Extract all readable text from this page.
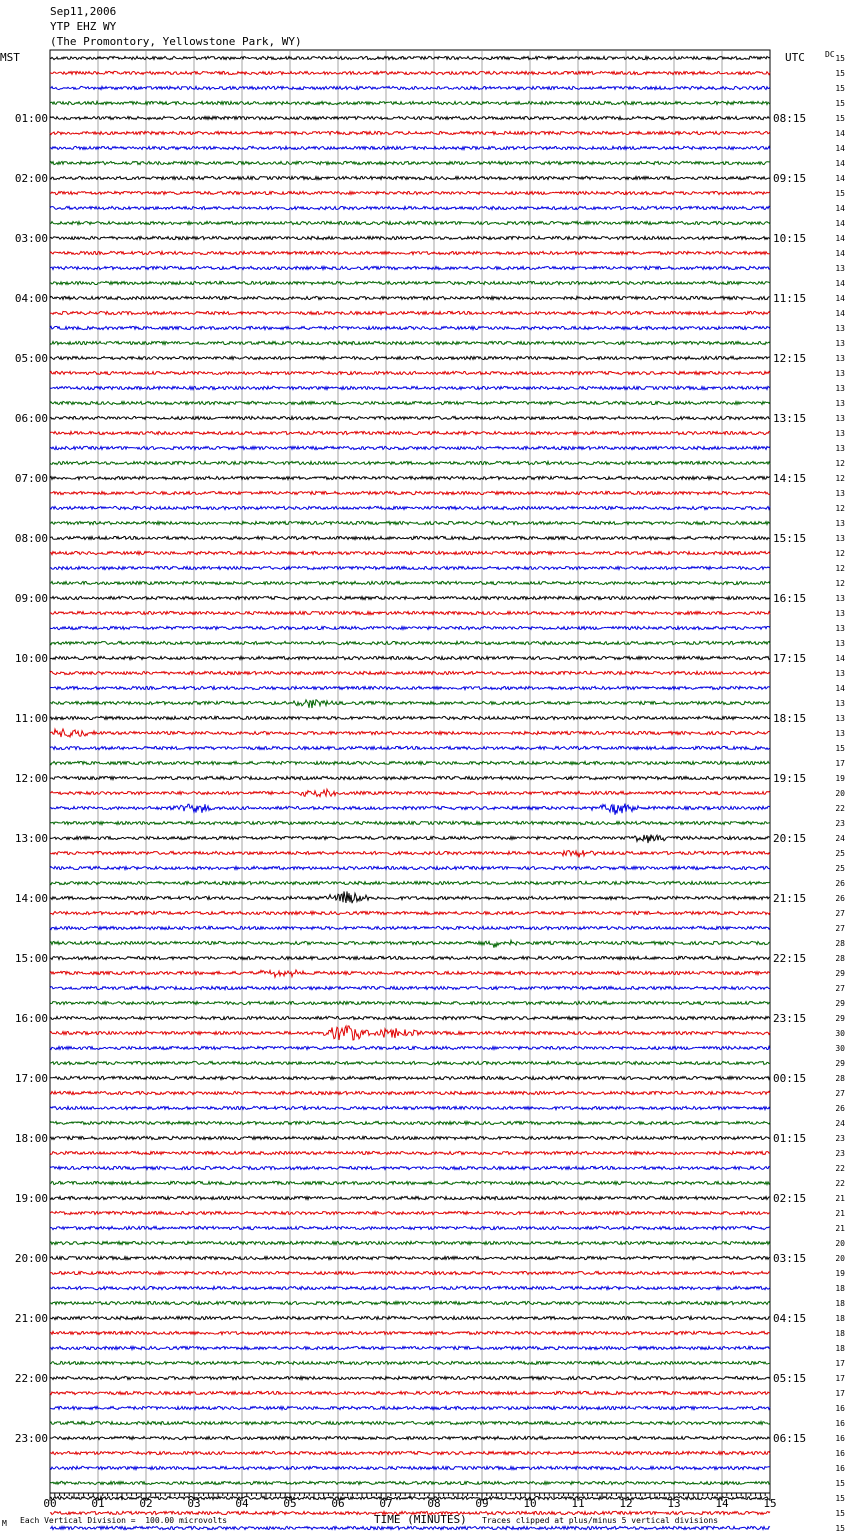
Sep11,2006
YTP EHZ WY
(The Promontory, Yellowstone Park, WY)
MST	UTC	DC
TIME (MINUTES)
M Each Vertical Division =  100.00 microvolts	Traces clipped at plus/minus 5 vertical divisions
00	01	02	03	04	05	06	07	08	09	10	11	12	13	14	15
01:00
02:00
03:00
04:00
05:00
06:00
07:00
08:00
09:00
10:00
11:00
12:00
13:00
14:00
15:00
16:00
17:00
18:00
19:00
20:00
21:00
22:00
23:00
08:15
09:15
10:15
11:15
12:15
13:15
14:15
15:15
16:15
17:15
18:15
19:15
20:15
21:15
22:15
23:15
00:15
01:15
02:15
03:15
04:15
05:15
06:15
15
15
15
15
15
14
14
14
14
15
14
14
14
14
13
14
14
14
13
13
13
13
13
13
13
13
13
12
12
13
12
13
13
12
12
12
13
13
13
13
14
13
14
13
13
13
15
17
19
20
22
23
24
25
25
26
26
27
27
28
28
29
27
29
29
30
30
29
28
27
26
24
23
23
22
22
21
21
21
20
20
19
18
18
18
18
18
17
17
17
16
16
16
16
16
15
15
15
15
